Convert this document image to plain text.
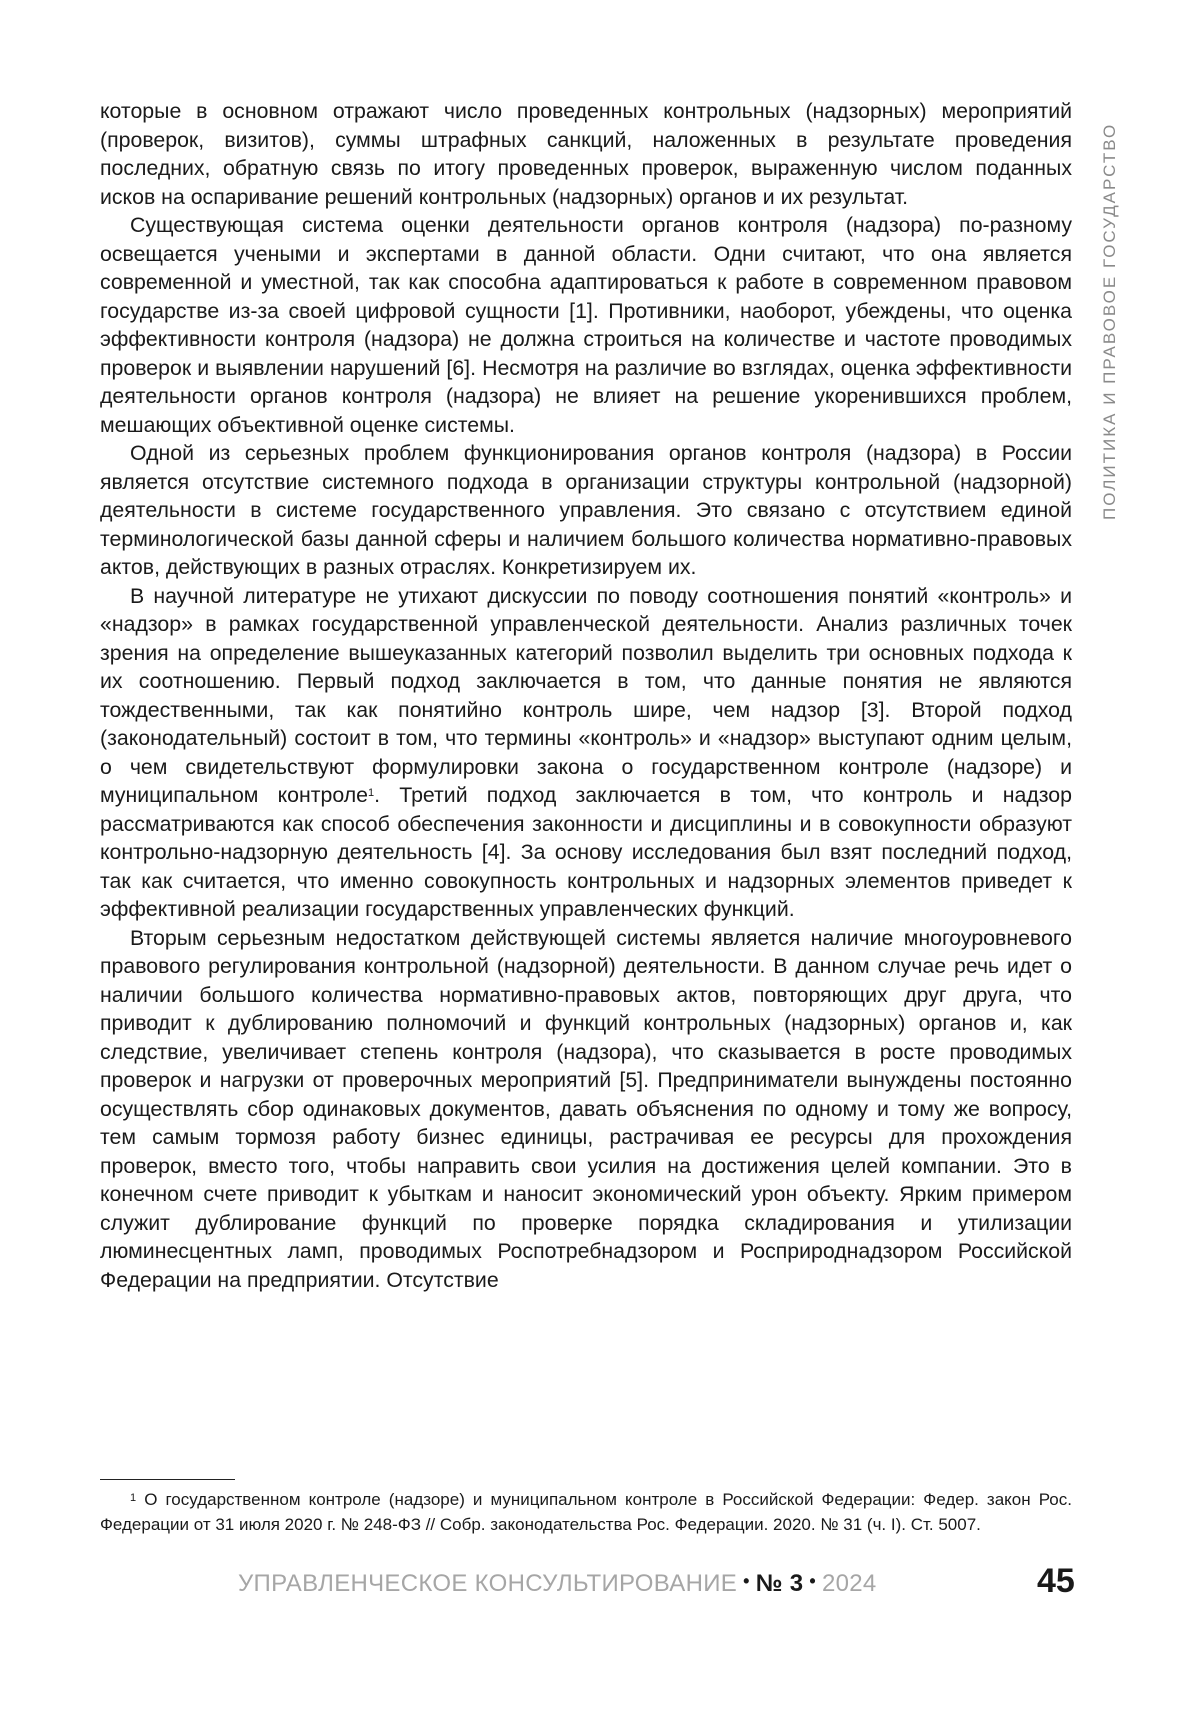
ПОЛИТИКА И ПРАВОВОЕ ГОСУДАРСТВО

которые в основном отражают число проведенных контрольных (надзорных) мероприятий (проверок, визитов), суммы штрафных санкций, наложенных в результате проведения последних, обратную связь по итогу проведенных проверок, выраженную числом поданных исков на оспаривание решений контрольных (надзорных) органов и их результат.

Существующая система оценки деятельности органов контроля (надзора) по-разному освещается учеными и экспертами в данной области. Одни считают, что она является современной и уместной, так как способна адаптироваться к работе в современном правовом государстве из-за своей цифровой сущности [1]. Противники, наоборот, убеждены, что оценка эффективности контроля (надзора) не должна строиться на количестве и частоте проводимых проверок и выявлении нарушений [6]. Несмотря на различие во взглядах, оценка эффективности деятельности органов контроля (надзора) не влияет на решение укоренившихся проблем, мешающих объективной оценке системы.

Одной из серьезных проблем функционирования органов контроля (надзора) в России является отсутствие системного подхода в организации структуры контрольной (надзорной) деятельности в системе государственного управления. Это связано с отсутствием единой терминологической базы данной сферы и наличием большого количества нормативно-правовых актов, действующих в разных отраслях. Конкретизируем их.

В научной литературе не утихают дискуссии по поводу соотношения понятий «контроль» и «надзор» в рамках государственной управленческой деятельности. Анализ различных точек зрения на определение вышеуказанных категорий позволил выделить три основных подхода к их соотношению. Первый подход заключается в том, что данные понятия не являются тождественными, так как понятийно контроль шире, чем надзор [3]. Второй подход (законодательный) состоит в том, что термины «контроль» и «надзор» выступают одним целым, о чем свидетельствуют формулировки закона о государственном контроле (надзоре) и муниципальном контроле1. Третий подход заключается в том, что контроль и надзор рассматриваются как способ обеспечения законности и дисциплины и в совокупности образуют контрольно-надзорную деятельность [4]. За основу исследования был взят последний подход, так как считается, что именно совокупность контрольных и надзорных элементов приведет к эффективной реализации государственных управленческих функций.

Вторым серьезным недостатком действующей системы является наличие многоуровневого правового регулирования контрольной (надзорной) деятельности. В данном случае речь идет о наличии большого количества нормативно-правовых актов, повторяющих друг друга, что приводит к дублированию полномочий и функций контрольных (надзорных) органов и, как следствие, увеличивает степень контроля (надзора), что сказывается в росте проводимых проверок и нагрузки от проверочных мероприятий [5]. Предприниматели вынуждены постоянно осуществлять сбор одинаковых документов, давать объяснения по одному и тому же вопросу, тем самым тормозя работу бизнес единицы, растрачивая ее ресурсы для прохождения проверок, вместо того, чтобы направить свои усилия на достижения целей компании. Это в конечном счете приводит к убыткам и наносит экономический урон объекту. Ярким примером служит дублирование функций по проверке порядка складирования и утилизации люминесцентных ламп, проводимых Роспотребнадзором и Росприроднадзором Российской Федерации на предприятии. Отсутствие

1 О государственном контроле (надзоре) и муниципальном контроле в Российской Федерации: Федер. закон Рос. Федерации от 31 июля 2020 г. № 248-ФЗ // Собр. законодательства Рос. Федерации. 2020. № 31 (ч. I). Ст. 5007.

УПРАВЛЕНЧЕСКОЕ КОНСУЛЬТИРОВАНИЕ • № 3 • 2024	45
